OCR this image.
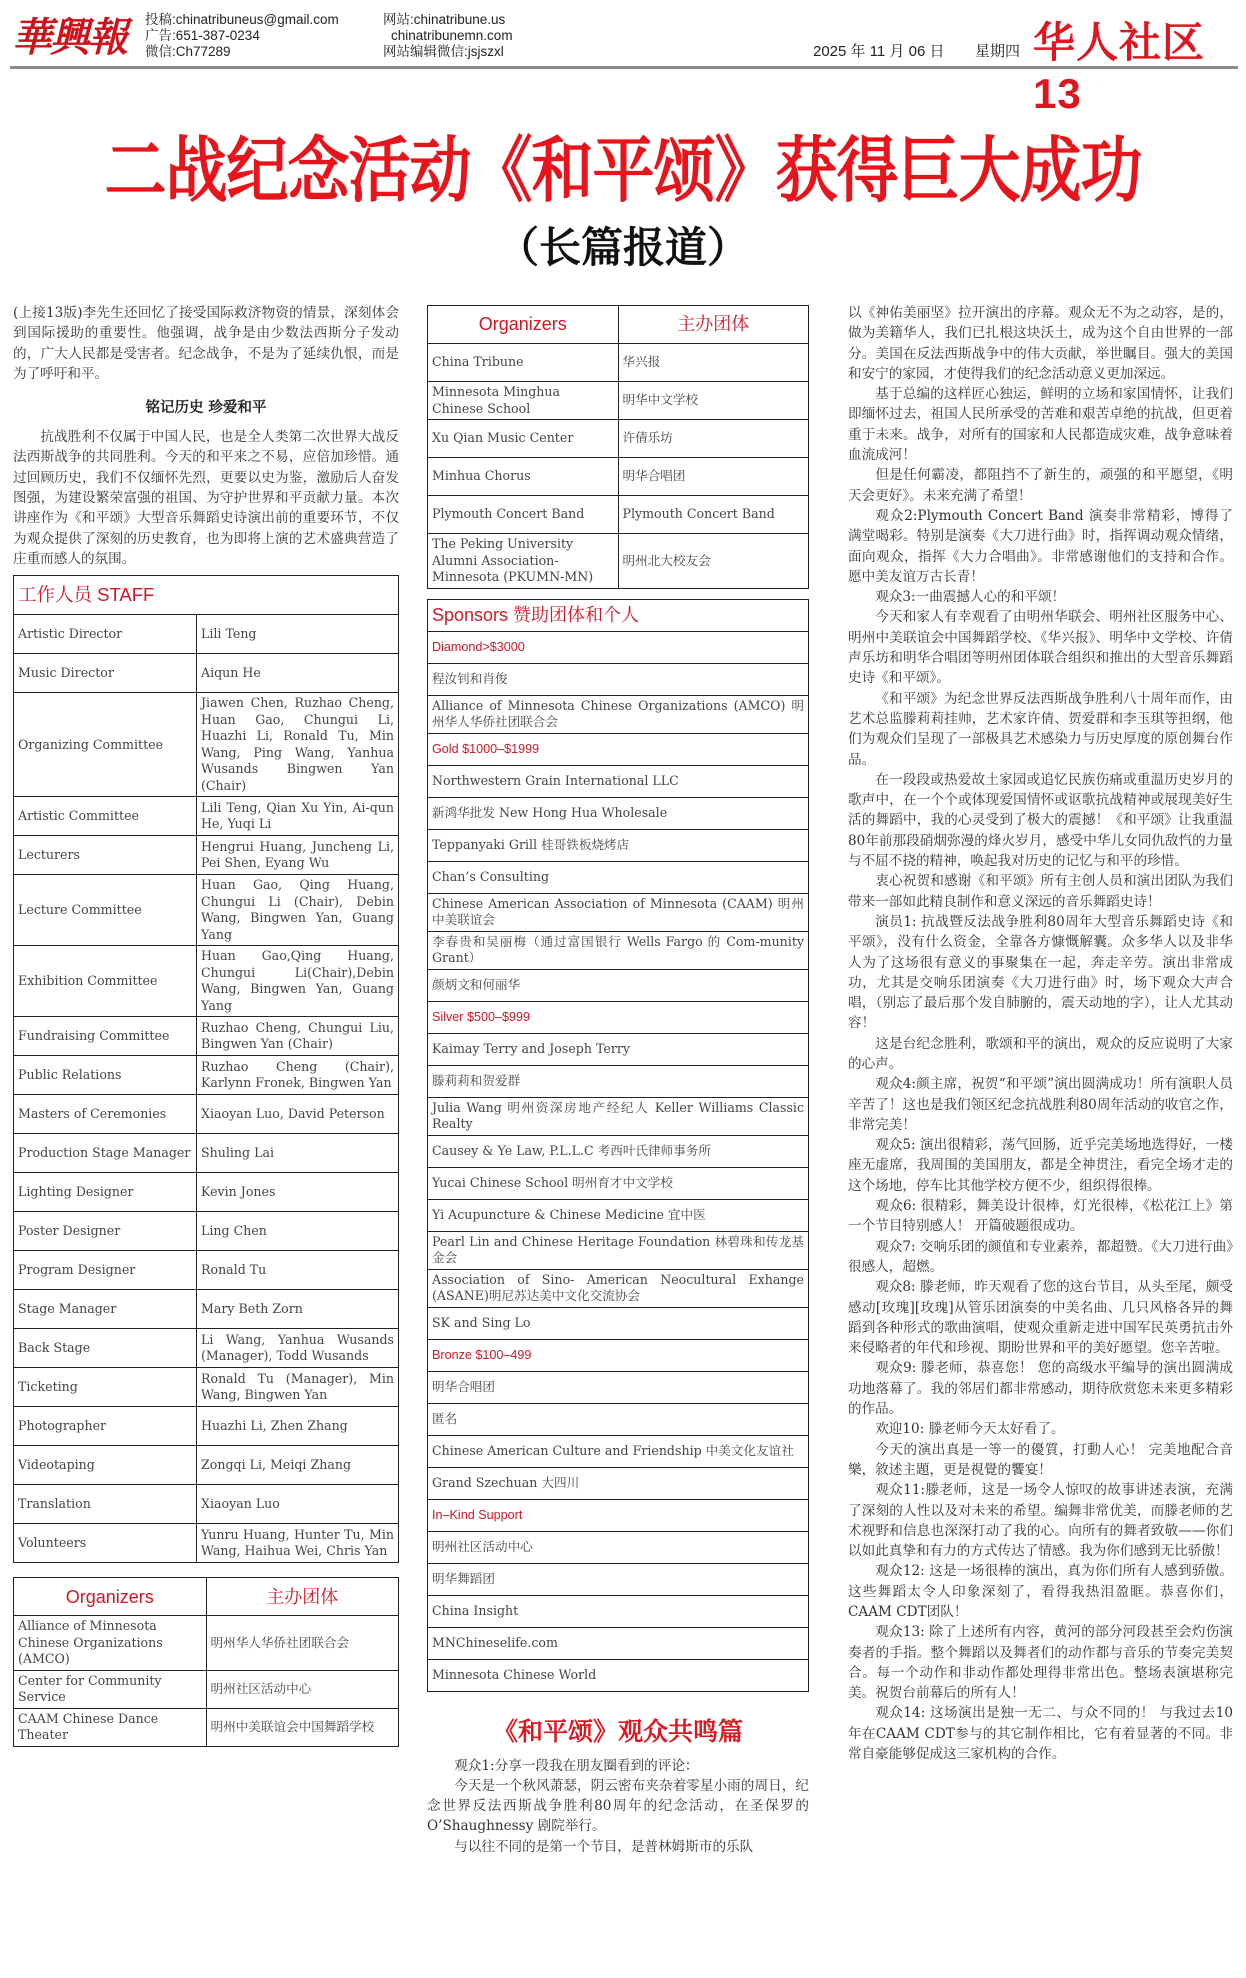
華興報 投稿:chinatribuneus@gmail.com
广告:651-387-0234
微信:Ch77289
网站:chinatribune.us
chinatribunemn.com
网站编辑微信:jsjszxl	2025 年 11 月 06 日 星期四 华人社区 13
二战纪念活动《和平颂》获得巨大成功
（长篇报道）

(上接13版)李先生还回忆了接受国际救济物资的情景，深刻体会到国际援助的重要性。他强调，战争是由少数法西斯分子发动的，广大人民都是受害者。纪念战争，不是为了延续仇恨，而是为了呼吁和平。

铭记历史 珍爱和平

抗战胜利不仅属于中国人民，也是全人类第二次世界大战反法西斯战争的共同胜利。今天的和平来之不易，应倍加珍惜。通过回顾历史，我们不仅缅怀先烈，更要以史为鉴，激励后人奋发图强，为建设繁荣富强的祖国、为守护世界和平贡献力量。本次讲座作为《和平颂》大型音乐舞蹈史诗演出前的重要环节，不仅为观众提供了深刻的历史教育，也为即将上演的艺术盛典营造了庄重而感人的氛围。

工作人员 STAFF	
Artistic Director	Lili Teng
Music Director	Aiqun He
Organizing Committee	Jiawen Chen, Ruzhao Cheng, Huan Gao, Chungui Li, Huazhi Li, Ronald Tu, Min Wang, Ping Wang, Yanhua Wusands Bingwen Yan (Chair)
Artistic Committee	Lili Teng, Qian Xu Yin, Ai-qun He, Yuqi Li
Lecturers	Hengrui Huang, Juncheng Li, Pei Shen, Eyang Wu
Lecture Committee	Huan Gao, Qing Huang, Chungui Li (Chair), Debin Wang, Bingwen Yan, Guang Yang
Exhibition Committee	Huan Gao,Qing Huang, Chungui Li(Chair),Debin Wang, Bingwen Yan, Guang Yang
Fundraising Committee	Ruzhao Cheng, Chungui Liu, Bingwen Yan (Chair)
Public Relations	Ruzhao Cheng (Chair), Karlynn Fronek, Bingwen Yan
Masters of Ceremonies	Xiaoyan Luo, David Peterson
Production Stage Manager	Shuling Lai
Lighting Designer	Kevin Jones
Poster Designer	Ling Chen
Program Designer	Ronald Tu
Stage Manager	Mary Beth Zorn
Back Stage	Li Wang, Yanhua Wusands (Manager), Todd Wusands
Ticketing	Ronald Tu (Manager), Min Wang, Bingwen Yan
Photographer	Huazhi Li, Zhen Zhang
Videotaping	Zongqi Li, Meiqi Zhang
Translation	Xiaoyan Luo
Volunteers	Yunru Huang, Hunter Tu, Min Wang, Haihua Wei, Chris Yan
Organizers	主办团体
Alliance of Minnesota Chinese Organizations (AMCO)	明州华人华侨社团联合会
Center for Community Service	明州社区活动中心
CAAM Chinese Dance Theater	明州中美联谊会中国舞蹈学校
Organizers	主办团体
China Tribune	华兴报
Minnesota Minghua Chinese School	明华中文学校
Xu Qian Music Center	许倩乐坊
Minhua Chorus	明华合唱团
Plymouth Concert Band	Plymouth Concert Band
The Peking University Alumni Association-Minnesota (PKUMN-MN)	明州北大校友会
Sponsors 赞助团体和个人
Diamond>$3000
程汝钊和肖俊
Alliance of Minnesota Chinese Organizations (AMCO) 明州华人华侨社团联合会
Gold $1000–$1999
Northwestern Grain International LLC
新鸿华批发 New Hong Hua Wholesale
Teppanyaki Grill 桂哥铁板烧烤店
Chan’s Consulting
Chinese American Association of Minnesota (CAAM) 明州中美联谊会
李春贵和吴丽梅（通过富国银行 Wells Fargo 的 Com-munity Grant）
颜炳文和何丽华
Silver $500–$999
Kaimay Terry and Joseph Terry
滕莉莉和贺爱群
Julia Wang 明州资深房地产经纪人 Keller Williams Classic Realty
Causey & Ye Law, P.L.L.C 考西叶氏律师事务所
Yucai Chinese School 明州育才中文学校
Yi Acupuncture & Chinese Medicine 宜中医
Pearl Lin and Chinese Heritage Foundation 林碧珠和传龙基金会
Association of Sino- American Neocultural Exhange (ASANE)明尼苏达美中文化交流协会
SK and Sing Lo
Bronze $100–499
明华合唱团
匿名
Chinese American Culture and Friendship 中美文化友谊社
Grand Szechuan 大四川
In–Kind Support
明州社区活动中心
明华舞蹈团
China Insight
MNChineselife.com
Minnesota Chinese World
《和平颂》观众共鸣篇

观众1:分享一段我在朋友圈看到的评论：

今天是一个秋风萧瑟，阴云密布夹杂着零星小雨的周日，纪念世界反法西斯战争胜利80周年的纪念活动，在圣保罗的O’Shaughnessy 剧院举行。

与以往不同的是第一个节目，是普林姆斯市的乐队

以《神佑美丽坚》拉开演出的序幕。观众无不为之动容，是的，做为美籍华人，我们已扎根这块沃土，成为这个自由世界的一部分。美国在反法西斯战争中的伟大贡献，举世瞩目。强大的美国和安宁的家园，才使得我们的纪念活动意义更加深远。

基于总编的这样匠心独运，鲜明的立场和家国情怀，让我们即缅怀过去，祖国人民所承受的苦难和艰苦卓绝的抗战，但更着重于未来。战争，对所有的国家和人民都造成灾难，战争意味着血流成河！

但是任何霸凌，都阻挡不了新生的，顽强的和平愿望，《明天会更好》。未来充满了希望！

观众2:Plymouth Concert Band 演奏非常精彩，博得了满堂喝彩。特别是演奏《大刀进行曲》时，指挥调动观众情绪，面向观众，指挥《大力合唱曲》。非常感谢他们的支持和合作。愿中美友谊万古长青！

观众3:一曲震撼人心的和平颂！

今天和家人有幸观看了由明州华联会、明州社区服务中心、明州中美联谊会中国舞蹈学校、《华兴报》、明华中文学校、许倩声乐坊和明华合唱团等明州团体联合组织和推出的大型音乐舞蹈史诗《和平颂》。

《和平颂》为纪念世界反法西斯战争胜利八十周年而作，由艺术总监滕莉莉挂帅，艺术家许倩、贺爱群和李玉琪等担纲，他们为观众们呈现了一部极具艺术感染力与历史厚度的原创舞台作品。

在一段段或热爱故土家园或追忆民族伤痛或重温历史岁月的歌声中，在一个个或体现爱国情怀或讴歌抗战精神或展现美好生活的舞蹈中，我的心灵受到了极大的震撼！《和平颂》让我重温80年前那段硝烟弥漫的烽火岁月，感受中华儿女同仇敌忾的力量与不屈不挠的精神，唤起我对历史的记忆与和平的珍惜。

衷心祝贺和感谢《和平颂》所有主创人员和演出团队为我们带来一部如此精良制作和意义深远的音乐舞蹈史诗！

演员1: 抗战暨反法战争胜利80周年大型音乐舞蹈史诗《和平颂》，没有什么资金，全靠各方慷慨解囊。众多华人以及非华人为了这场很有意义的事聚集在一起，奔走辛劳。演出非常成功，尤其是交响乐团演奏《大刀进行曲》时，场下观众大声合唱，（别忘了最后那个发自肺腑的，震天动地的字），让人尤其动容！

这是台纪念胜利，歌颂和平的演出，观众的反应说明了大家的心声。

观众4:颜主席，祝贺“和平颂”演出圆满成功！所有演职人员辛苦了！这也是我们领区纪念抗战胜利80周年活动的收官之作，非常完美！

观众5: 演出很精彩，荡气回肠，近乎完美场地选得好，一楼座无虚席，我周围的美国朋友，都是全神贯注，看完全场才走的 这个场地，停车比其他学校方便不少，组织得很棒。

观众6: 很精彩，舞美设计很棒，灯光很棒，《松花江上》第一个节目特别感人！ 开篇破题很成功。

观众7: 交响乐团的颜值和专业素养，都超赞。《大刀进行曲》很感人，超燃。

观众8: 滕老师，昨天观看了您的这台节目，从头至尾，颇受感动[玫瑰][玫瑰]从管乐团演奏的中美名曲、几只风格各异的舞蹈到各种形式的歌曲演唱，使观众重新走进中国军民英勇抗击外来侵略者的年代和珍视、期盼世界和平的美好愿望。您辛苦啦。

观众9: 滕老师，恭喜您！ 您的高级水平编导的演出圆满成功地落幕了。我的邻居们都非常感动，期待欣赏您未来更多精彩的作品。

欢迎10: 滕老师今天太好看了。

今天的演出真是一等一的優質，打動人心！ 完美地配合音樂，敘述主題，更是視覺的饗宴！

观众11:滕老师，这是一场令人惊叹的故事讲述表演，充满了深刻的人性以及对未来的希望。编舞非常优美，而滕老师的艺术视野和信息也深深打动了我的心。向所有的舞者致敬——你们以如此真挚和有力的方式传达了情感。我为你们感到无比骄傲！

观众12: 这是一场很棒的演出，真为你们所有人感到骄傲。这些舞蹈太令人印象深刻了，看得我热泪盈眶。恭喜你们，CAAM CDT团队！

观众13: 除了上述所有内容，黄河的部分河段甚至会灼伤演奏者的手指。整个舞蹈以及舞者们的动作都与音乐的节奏完美契合。每一个动作和非动作都处理得非常出色。整场表演堪称完美。祝贺台前幕后的所有人！

观众14: 这场演出是独一无二、与众不同的！ 与我过去10年在CAAM CDT参与的其它制作相比，它有着显著的不同。非常自豪能够促成这三家机构的合作。
